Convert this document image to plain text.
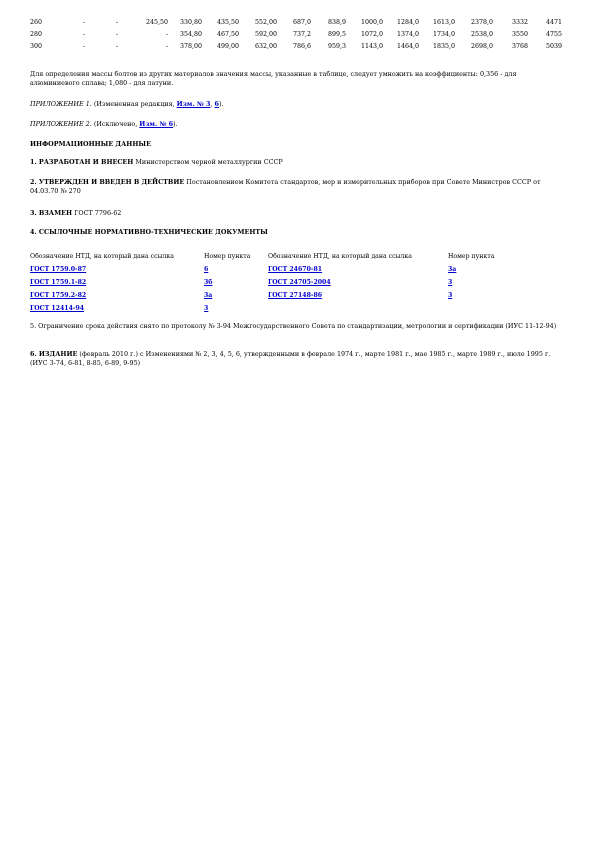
260	-	-	245,50	330,80	435,50	552,00	687,0	838,9	1000,0	1284,0	1613,0	2378,0	3332	4471
280	-	-	-	354,80	467,50	592,00	737,2	899,5	1072,0	1374,0	1734,0	2538,0	3550	4755
300	-	-	-	378,00	499,00	632,00	786,6	959,3	1143,0	1464,0	1835,0	2698,0	3768	5039
Для определения массы болтов из других материалов значения массы, указанные в таблице, следует умножить на коэффициенты: 0,356 - для алюминиевого сплава; 1,080 - для латуни.
ПРИЛОЖЕНИЕ 1. (Измененная редакция, Изм. № 3, 6).
ПРИЛОЖЕНИЕ 2. (Исключено, Изм. № 6).
ИНФОРМАЦИОННЫЕ ДАННЫЕ
1. РАЗРАБОТАН И ВНЕСЕН Министерством черной металлургии СССР
2. УТВЕРЖДЕН И ВВЕДЕН В ДЕЙСТВИЕ Постановлением Комитета стандартов, мер и измерительных приборов при Совете Министров СССР от 04.03.70 № 270
3. ВЗАМЕН ГОСТ 7796-62
4. ССЫЛОЧНЫЕ НОРМАТИВНО-ТЕХНИЧЕСКИЕ ДОКУМЕНТЫ
Обозначение НТД, на который дана ссылка	Номер пункта	Обозначение НТД, на который дана ссылка	Номер пункта
ГОСТ 1759.0-87	6	ГОСТ 24670-81	3а
ГОСТ 1759.1-82	3б	ГОСТ 24705-2004	3
ГОСТ 1759.2-82	3а	ГОСТ 27148-86	3
ГОСТ 12414-94	3		
5. Ограничение срока действия снято по протоколу № 3-94 Межгосударственного Совета по стандартизации, метрологии и сертификации (ИУС 11-12-94)
6. ИЗДАНИЕ (февраль 2010 г.) с Изменениями № 2, 3, 4, 5, 6, утвержденными в феврале 1974 г., марте 1981 г., мае 1985 г., марте 1989 г., июле 1995 г. (ИУС 3-74, 6-81, 8-85, 6-89, 9-95)
